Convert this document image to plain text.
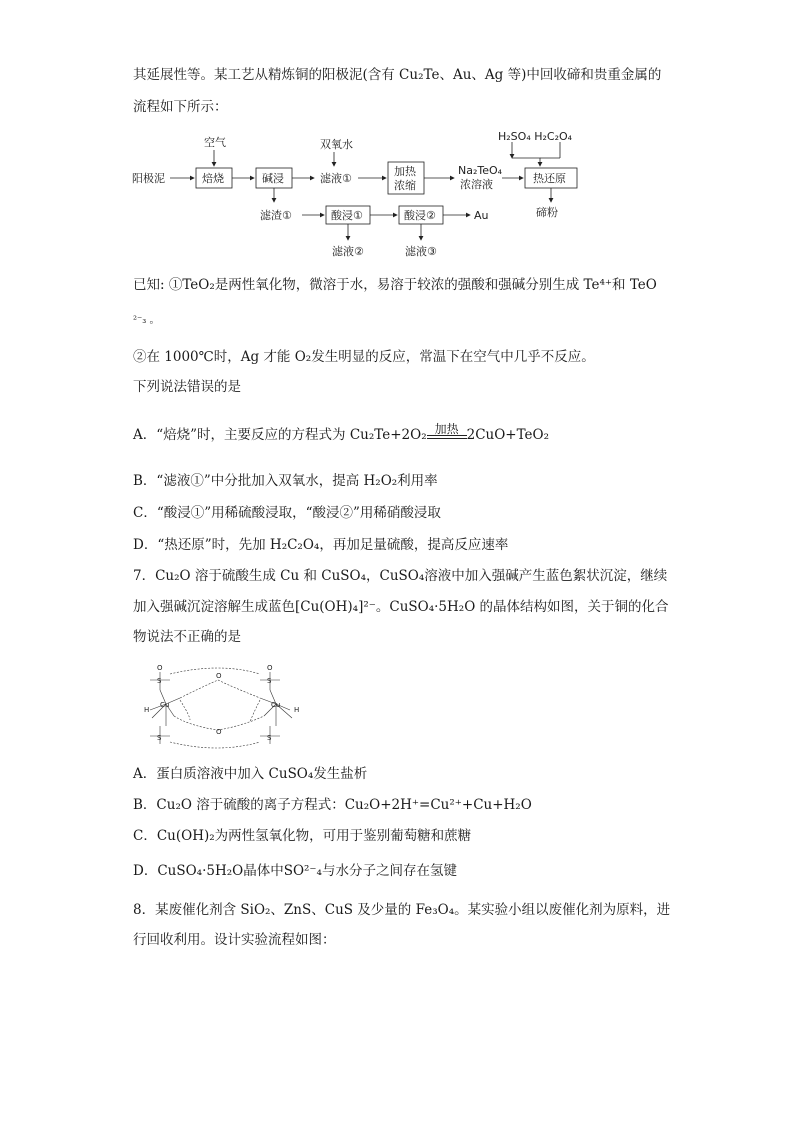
其延展性等。某工艺从精炼铜的阳极泥(含有 Cu₂Te、Au、Ag 等)中回收碲和贵重金属的
流程如下所示：
空气	双氧水
H₂SO₄ H₂C₂O₄
阳极泥	焙烧	碱浸	滤液①
加热
浓缩
Na₂TeO₄
浓溶液	热还原
碲粉
滤渣①	酸浸①	酸浸②	Au
滤液②	滤液③
已知: ①TeO₂是两性氧化物，微溶于水，易溶于较浓的强酸和强碱分别生成 Te⁴⁺和 TeO
²⁻₃ 。
②在 1000℃时，Ag 才能 O₂发生明显的反应，常温下在空气中几乎不反应。
下列说法错误的是
A．“焙烧”时，主要反应的方程式为 Cu₂Te+2O₂ 加热 2CuO+TeO₂
B．“滤液①”中分批加入双氧水，提高 H₂O₂利用率
C．“酸浸①”用稀硫酸浸取，“酸浸②”用稀硝酸浸取
D．“热还原”时，先加 H₂C₂O₄，再加足量硫酸，提高反应速率
7．Cu₂O 溶于硫酸生成 Cu 和 CuSO₄，CuSO₄溶液中加入强碱产生蓝色絮状沉淀，继续
加入强碱沉淀溶解生成蓝色[Cu(OH)₄]²⁻。CuSO₄·5H₂O 的晶体结构如图，关于铜的化合
物说法不正确的是
O
S
Cu
H
S
O
O
O
S
Cu
H
S
A．蛋白质溶液中加入 CuSO₄发生盐析
B．Cu₂O 溶于硫酸的离子方程式：Cu₂O+2H⁺=Cu²⁺+Cu+H₂O
C．Cu(OH)₂为两性氢氧化物，可用于鉴别葡萄糖和蔗糖
D．CuSO₄·5H₂O晶体中SO²⁻₄与水分子之间存在氢键
8．某废催化剂含 SiO₂、ZnS、CuS 及少量的 Fe₃O₄。某实验小组以废催化剂为原料，进
行回收利用。设计实验流程如图：
